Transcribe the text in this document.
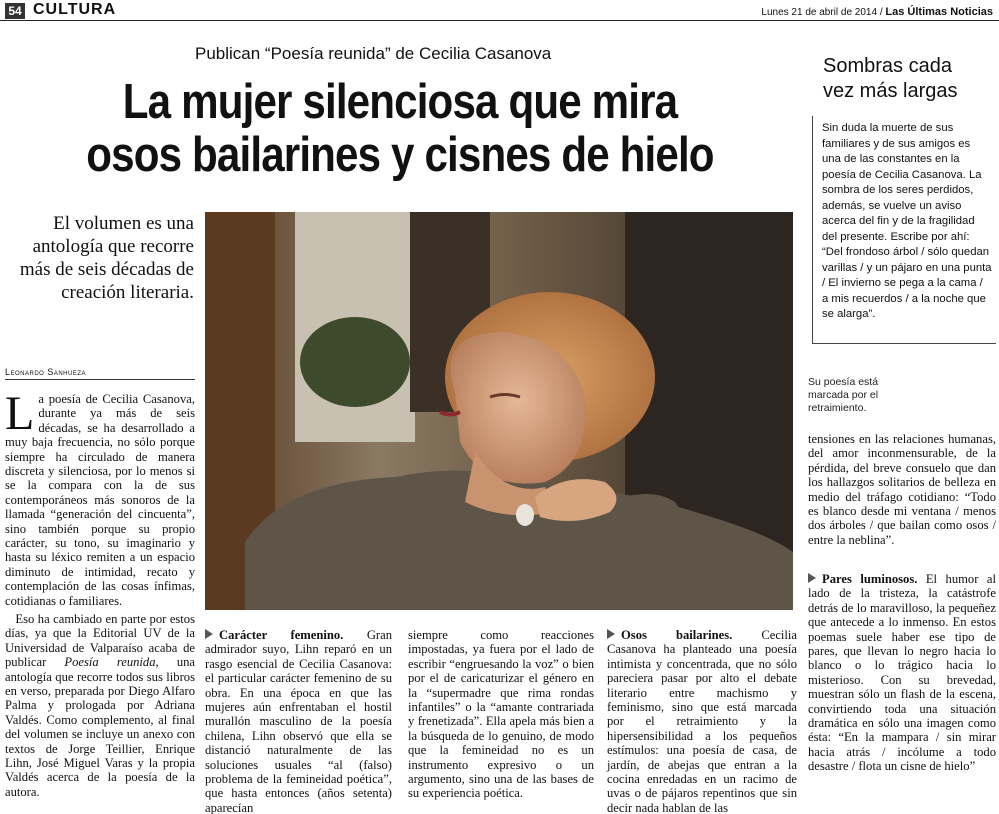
54 CULTURA	Lunes 21 de abril de 2014 / Las Últimas Noticias
Publican “Poesía reunida” de Cecilia Casanova
La mujer silenciosa que mira
osos bailarines y cisnes de hielo
El volumen es una antología que recorre más de seis décadas de creación literaria.
Leonardo Sanhueza
Sombras cada
vez más largas
Sin duda la muerte de sus familiares y de sus amigos es una de las constantes en la poesía de Cecilia Casanova. La sombra de los seres perdidos, además, se vuelve un aviso acerca del fin y de la fragilidad del presente. Escribe por ahí: “Del frondoso árbol / sólo quedan varillas / y un pájaro en una punta / El invierno se pega a la cama / a mis recuerdos / a la noche que se alarga”.
Su poesía está marcada por el retraimiento.
La poesía de Cecilia Casanova, durante ya más de seis décadas, se ha desarrollado a muy baja frecuencia, no sólo porque siempre ha circulado de manera discreta y silenciosa, por lo menos si se la compara con la de sus contemporáneos más sonoros de la llamada “generación del cincuenta”, sino también porque su propio carácter, su tono, su imaginario y hasta su léxico remiten a un espacio diminuto de intimidad, recato y contemplación de las cosas ínfimas, cotidianas o familiares.
Eso ha cambiado en parte por estos días, ya que la Editorial UV de la Universidad de Valparaíso acaba de publicar Poesía reunida, una antología que recorre todos sus libros en verso, preparada por Diego Alfaro Palma y prologada por Adriana Valdés. Como complemento, al final del volumen se incluye un anexo con textos de Jorge Teillier, Enrique Lihn, José Miguel Varas y la propia Valdés acerca de la poesía de la autora.
Carácter femenino. Gran admirador suyo, Lihn reparó en un rasgo esencial de Cecilia Casanova: el particular carácter femenino de su obra. En una época en que las mujeres aún enfrentaban el hostil murallón masculino de la poesía chilena, Lihn observó que ella se distanció naturalmente de las soluciones usuales “al (falso) problema de la femineidad poética”, que hasta entonces (años setenta) aparecían
siempre como reacciones impostadas, ya fuera por el lado de escribir “engruesando la voz” o bien por el de caricaturizar el género en la “supermadre que rima rondas infantiles” o la “amante contrariada y frenetizada”. Ella apela más bien a la búsqueda de lo genuino, de modo que la femineidad no es un instrumento expresivo o un argumento, sino una de las bases de su experiencia poética.
Osos bailarines. Cecilia Casanova ha planteado una poesía intimista y concentrada, que no sólo pareciera pasar por alto el debate literario entre machismo y feminismo, sino que está marcada por el retraimiento y la hipersensibilidad a los pequeños estímulos: una poesía de casa, de jardín, de abejas que entran a la cocina enredadas en un racimo de uvas o de pájaros repentinos que sin decir nada hablan de las
tensiones en las relaciones humanas, del amor inconmensurable, de la pérdida, del breve consuelo que dan los hallazgos solitarios de belleza en medio del tráfago cotidiano: “Todo es blanco desde mi ventana / menos dos árboles / que bailan como osos / entre la neblina”.
Pares luminosos. El humor al lado de la tristeza, la catástrofe detrás de lo maravilloso, la pequeñez que antecede a lo inmenso. En estos poemas suele haber ese tipo de pares, que llevan lo negro hacia lo blanco o lo trágico hacia lo misterioso. Con su brevedad, muestran sólo un flash de la escena, convirtiendo toda una situación dramática en sólo una imagen como ésta: “En la mampara / sin mirar hacia atrás / incólume a todo desastre / flota un cisne de hielo”
